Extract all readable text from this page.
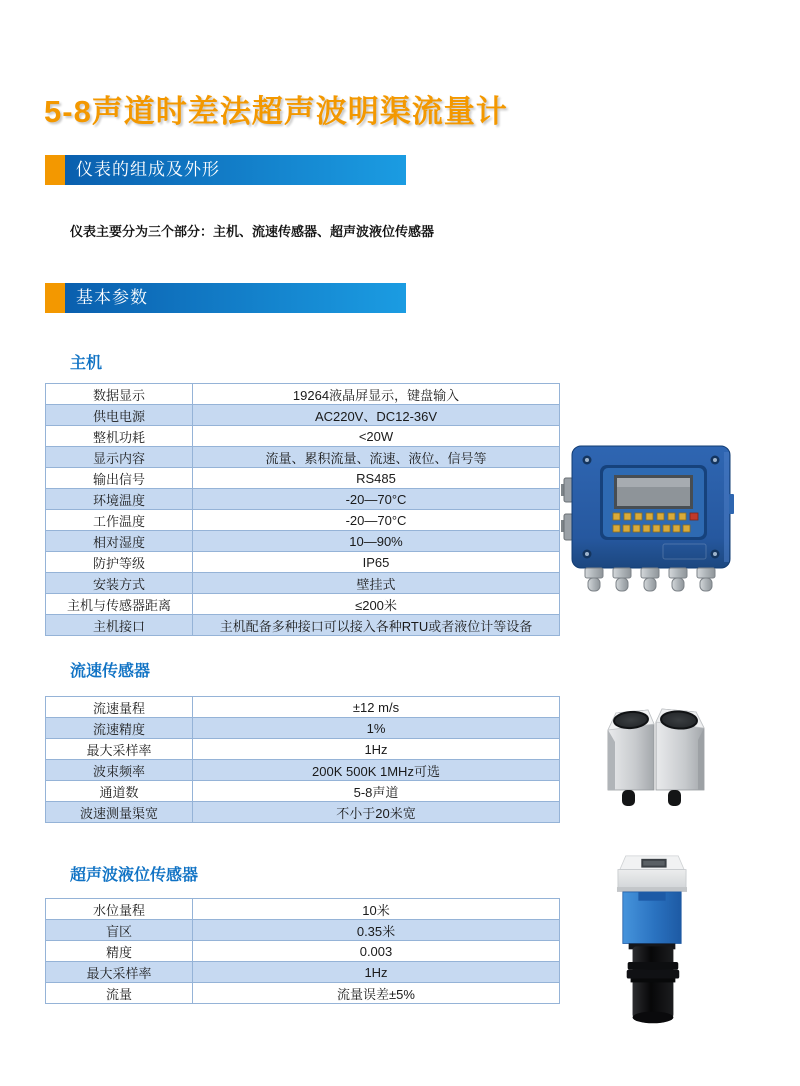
5-8声道时差法超声波明渠流量计
仪表的组成及外形

仪表主要分为三个部分：主机、流速传感器、超声波液位传感器

基本参数
主机
数据显示	19264液晶屏显示，键盘输入
供电电源	AC220V、DC12-36V
整机功耗	<20W
显示内容	流量、累积流量、流速、液位、信号等
输出信号	RS485
环境温度	-20—70°C
工作温度	-20—70°C
相对湿度	10—90%
防护等级	IP65
安装方式	壁挂式
主机与传感器距离	≤200米
主机接口	主机配备多种接口可以接入各种RTU或者液位计等设备
流速传感器
流速量程	±12 m/s
流速精度	1%
最大采样率	1Hz
波束频率	200K 500K 1MHz可选
通道数	5-8声道
波速测量渠宽	不小于20米宽
超声波液位传感器
水位量程	10米
盲区	0.35米
精度	0.003
最大采样率	1Hz
流量	流量误差±5%
